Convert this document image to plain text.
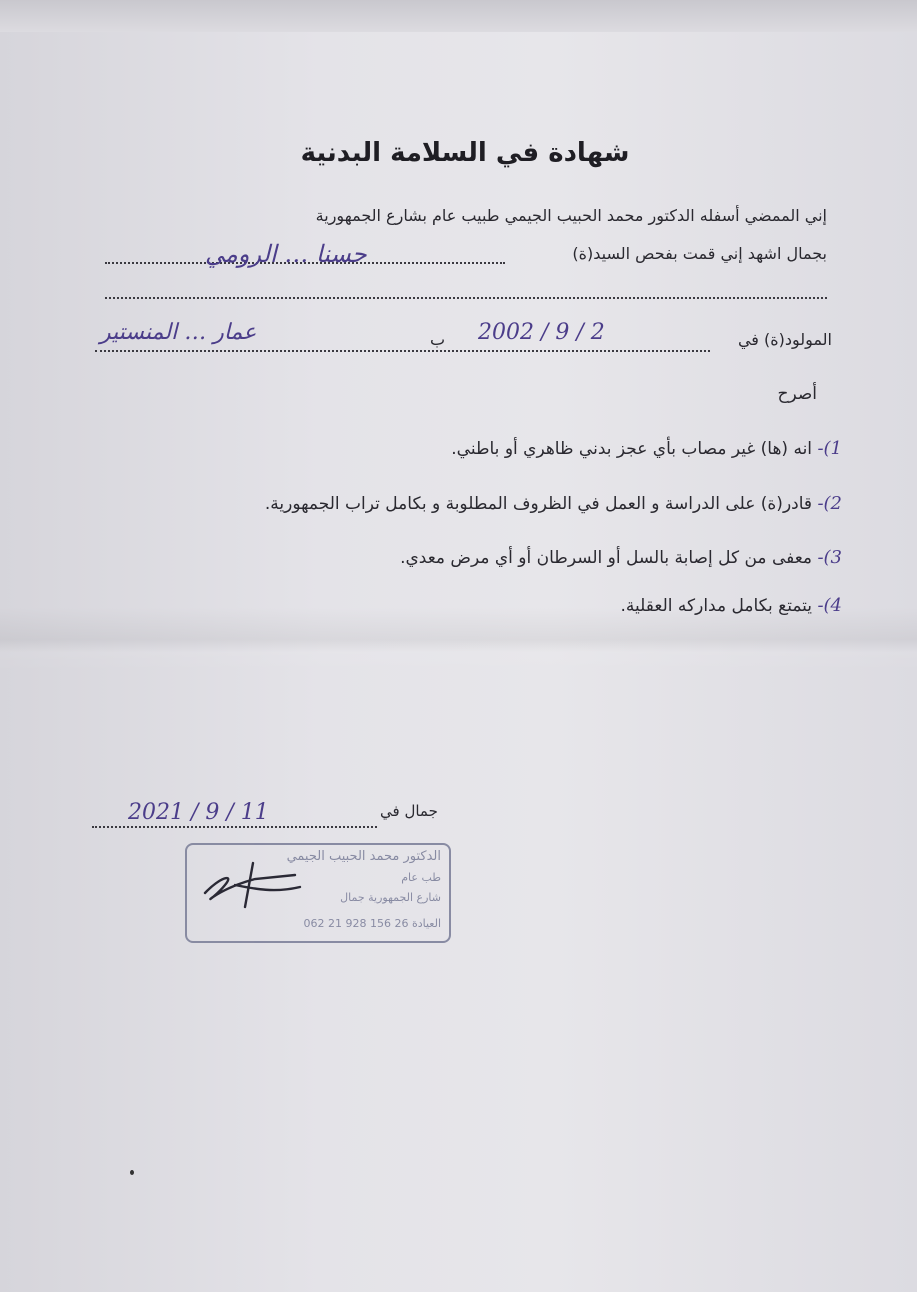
شهادة في السلامة البدنية
إني الممضي أسفله الدكتور محمد الحبيب الجيمي طبيب عام بشارع الجمهورية
بجمال اشهد إني قمت بفحص السيد(ة)
حسنا … الرومي
المولود(ة) في
2002 / 9 / 2
ب
عمار … المنستير
أصرح
1)- انه (ها) غير مصاب بأي عجز بدني ظاهري أو باطني.
2)- قادر(ة) على الدراسة و العمل في الظروف المطلوبة و بكامل تراب الجمهورية.
3)- معفى من كل إصابة بالسل أو السرطان أو أي مرض معدي.
4)- يتمتع بكامل مداركه العقلية.
جمال في
2021 / 9 / 11
الدكتور محمد الحبيب الجيمي
طب عام
شارع الجمهورية جمال
العيادة 26 156 928 21 062
